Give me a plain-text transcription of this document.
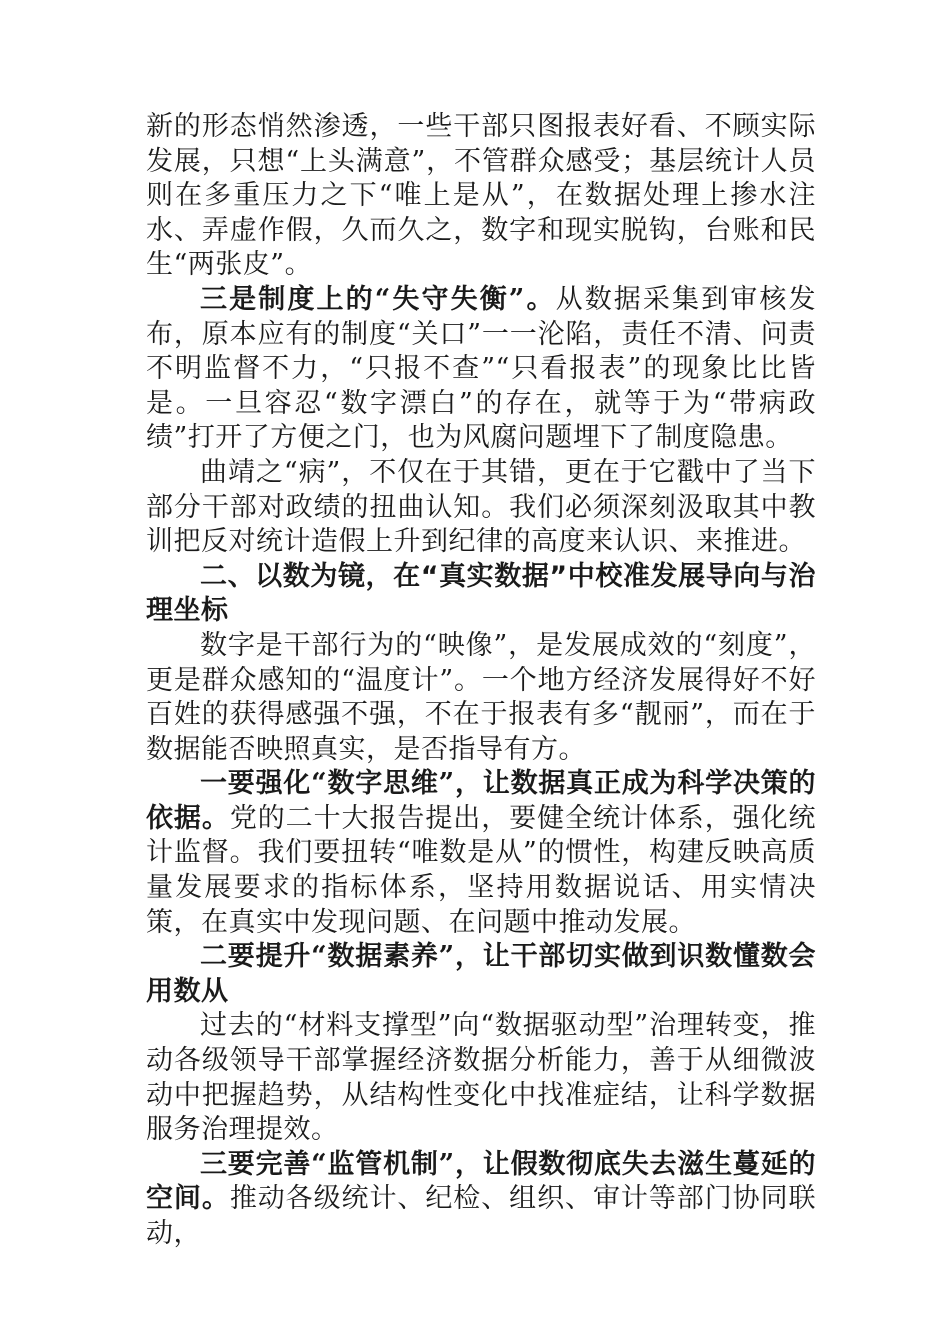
新的形态悄然渗透，一些干部只图报表好看、不顾实际发展，只想“上头满意”，不管群众感受；基层统计人员则在多重压力之下“唯上是从”，在数据处理上掺水注水、弄虚作假，久而久之，数字和现实脱钩，台账和民生“两张皮”。

三是制度上的“失守失衡”。从数据采集到审核发布，原本应有的制度“关口”一一沦陷，责任不清、问责不明监督不力，“只报不查”“只看报表”的现象比比皆是。一旦容忍“数字漂白”的存在，就等于为“带病政绩”打开了方便之门，也为风腐问题埋下了制度隐患。

曲靖之“病”，不仅在于其错，更在于它戳中了当下部分干部对政绩的扭曲认知。我们必须深刻汲取其中教训把反对统计造假上升到纪律的高度来认识、来推进。

二、以数为镜，在“真实数据”中校准发展导向与治理坐标

数字是干部行为的“映像”，是发展成效的“刻度”，更是群众感知的“温度计”。一个地方经济发展得好不好百姓的获得感强不强，不在于报表有多“靓丽”，而在于数据能否映照真实，是否指导有方。

一要强化“数字思维”，让数据真正成为科学决策的依据。党的二十大报告提出，要健全统计体系，强化统计监督。我们要扭转“唯数是从”的惯性，构建反映高质量发展要求的指标体系，坚持用数据说话、用实情决策，在真实中发现问题、在问题中推动发展。

二要提升“数据素养”，让干部切实做到识数懂数会用数从

过去的“材料支撑型”向“数据驱动型”治理转变，推动各级领导干部掌握经济数据分析能力，善于从细微波动中把握趋势，从结构性变化中找准症结，让科学数据服务治理提效。

三要完善“监管机制”，让假数彻底失去滋生蔓延的空间。推动各级统计、纪检、组织、审计等部门协同联动，
